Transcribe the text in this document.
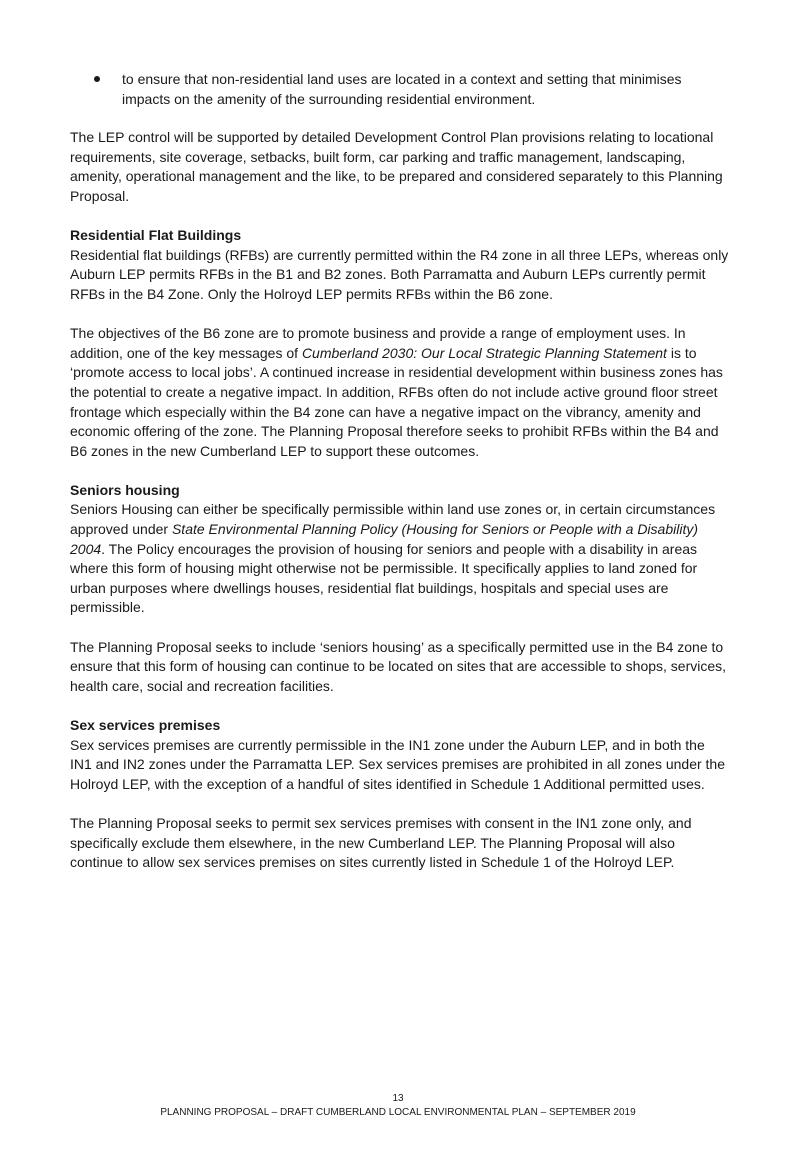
to ensure that non-residential land uses are located in a context and setting that minimises impacts on the amenity of the surrounding residential environment.

The LEP control will be supported by detailed Development Control Plan provisions relating to locational requirements, site coverage, setbacks, built form, car parking and traffic management, landscaping, amenity, operational management and the like, to be prepared and considered separately to this Planning Proposal.

Residential Flat Buildings

Residential flat buildings (RFBs) are currently permitted within the R4 zone in all three LEPs, whereas only Auburn LEP permits RFBs in the B1 and B2 zones. Both Parramatta and Auburn LEPs currently permit RFBs in the B4 Zone. Only the Holroyd LEP permits RFBs within the B6 zone.

The objectives of the B6 zone are to promote business and provide a range of employment uses. In addition, one of the key messages of Cumberland 2030: Our Local Strategic Planning Statement is to ‘promote access to local jobs’. A continued increase in residential development within business zones has the potential to create a negative impact. In addition, RFBs often do not include active ground floor street frontage which especially within the B4 zone can have a negative impact on the vibrancy, amenity and economic offering of the zone. The Planning Proposal therefore seeks to prohibit RFBs within the B4 and B6 zones in the new Cumberland LEP to support these outcomes.

Seniors housing

Seniors Housing can either be specifically permissible within land use zones or, in certain circumstances approved under State Environmental Planning Policy (Housing for Seniors or People with a Disability) 2004. The Policy encourages the provision of housing for seniors and people with a disability in areas where this form of housing might otherwise not be permissible. It specifically applies to land zoned for urban purposes where dwellings houses, residential flat buildings, hospitals and special uses are permissible.

The Planning Proposal seeks to include ‘seniors housing’ as a specifically permitted use in the B4 zone to ensure that this form of housing can continue to be located on sites that are accessible to shops, services, health care, social and recreation facilities.

Sex services premises

Sex services premises are currently permissible in the IN1 zone under the Auburn LEP, and in both the IN1 and IN2 zones under the Parramatta LEP. Sex services premises are prohibited in all zones under the Holroyd LEP, with the exception of a handful of sites identified in Schedule 1 Additional permitted uses.

The Planning Proposal seeks to permit sex services premises with consent in the IN1 zone only, and specifically exclude them elsewhere, in the new Cumberland LEP. The Planning Proposal will also continue to allow sex services premises on sites currently listed in Schedule 1 of the Holroyd LEP.

13
PLANNING PROPOSAL – DRAFT CUMBERLAND LOCAL ENVIRONMENTAL PLAN – SEPTEMBER 2019
